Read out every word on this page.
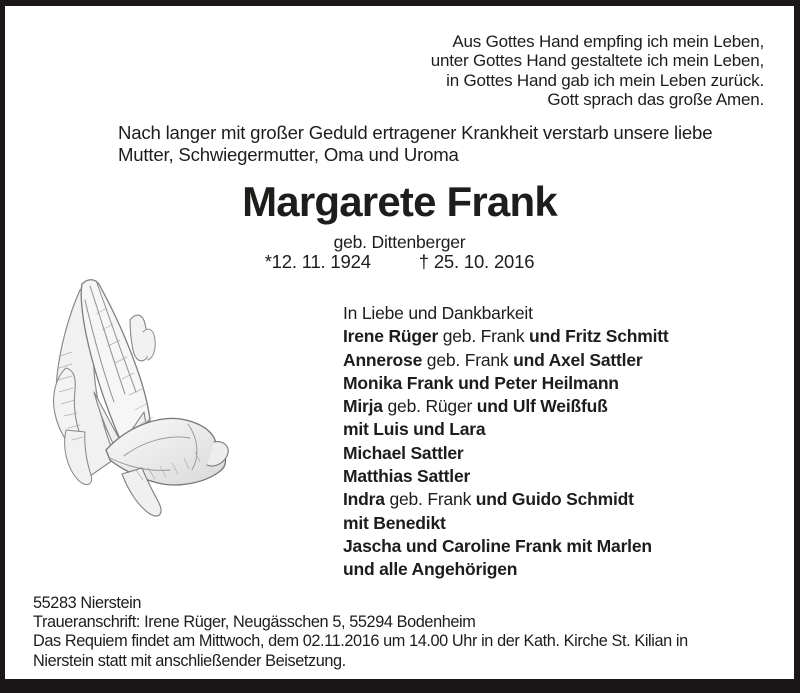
Aus Gottes Hand empfing ich mein Leben,
unter Gottes Hand gestaltete ich mein Leben,
in Gottes Hand gab ich mein Leben zurück.
Gott sprach das große Amen.
Nach langer mit großer Geduld ertragener Krankheit verstarb unsere liebe
Mutter, Schwiegermutter, Oma und Uroma
Margarete Frank
geb. Dittenberger
*12. 11. 1924	† 25. 10. 2016
In Liebe und Dankbarkeit
Irene Rüger geb. Frank und Fritz Schmitt
Annerose geb. Frank und Axel Sattler
Monika Frank und Peter Heilmann
Mirja geb. Rüger und Ulf Weißfuß
mit Luis und Lara
Michael Sattler
Matthias Sattler
Indra geb. Frank und Guido Schmidt
mit Benedikt
Jascha und Caroline Frank mit Marlen
und alle Angehörigen
55283 Nierstein
Traueranschrift: Irene Rüger, Neugässchen 5, 55294 Bodenheim
Das Requiem findet am Mittwoch, dem 02.11.2016 um 14.00 Uhr in der Kath. Kirche St. Kilian in
Nierstein statt mit anschließender Beisetzung.
